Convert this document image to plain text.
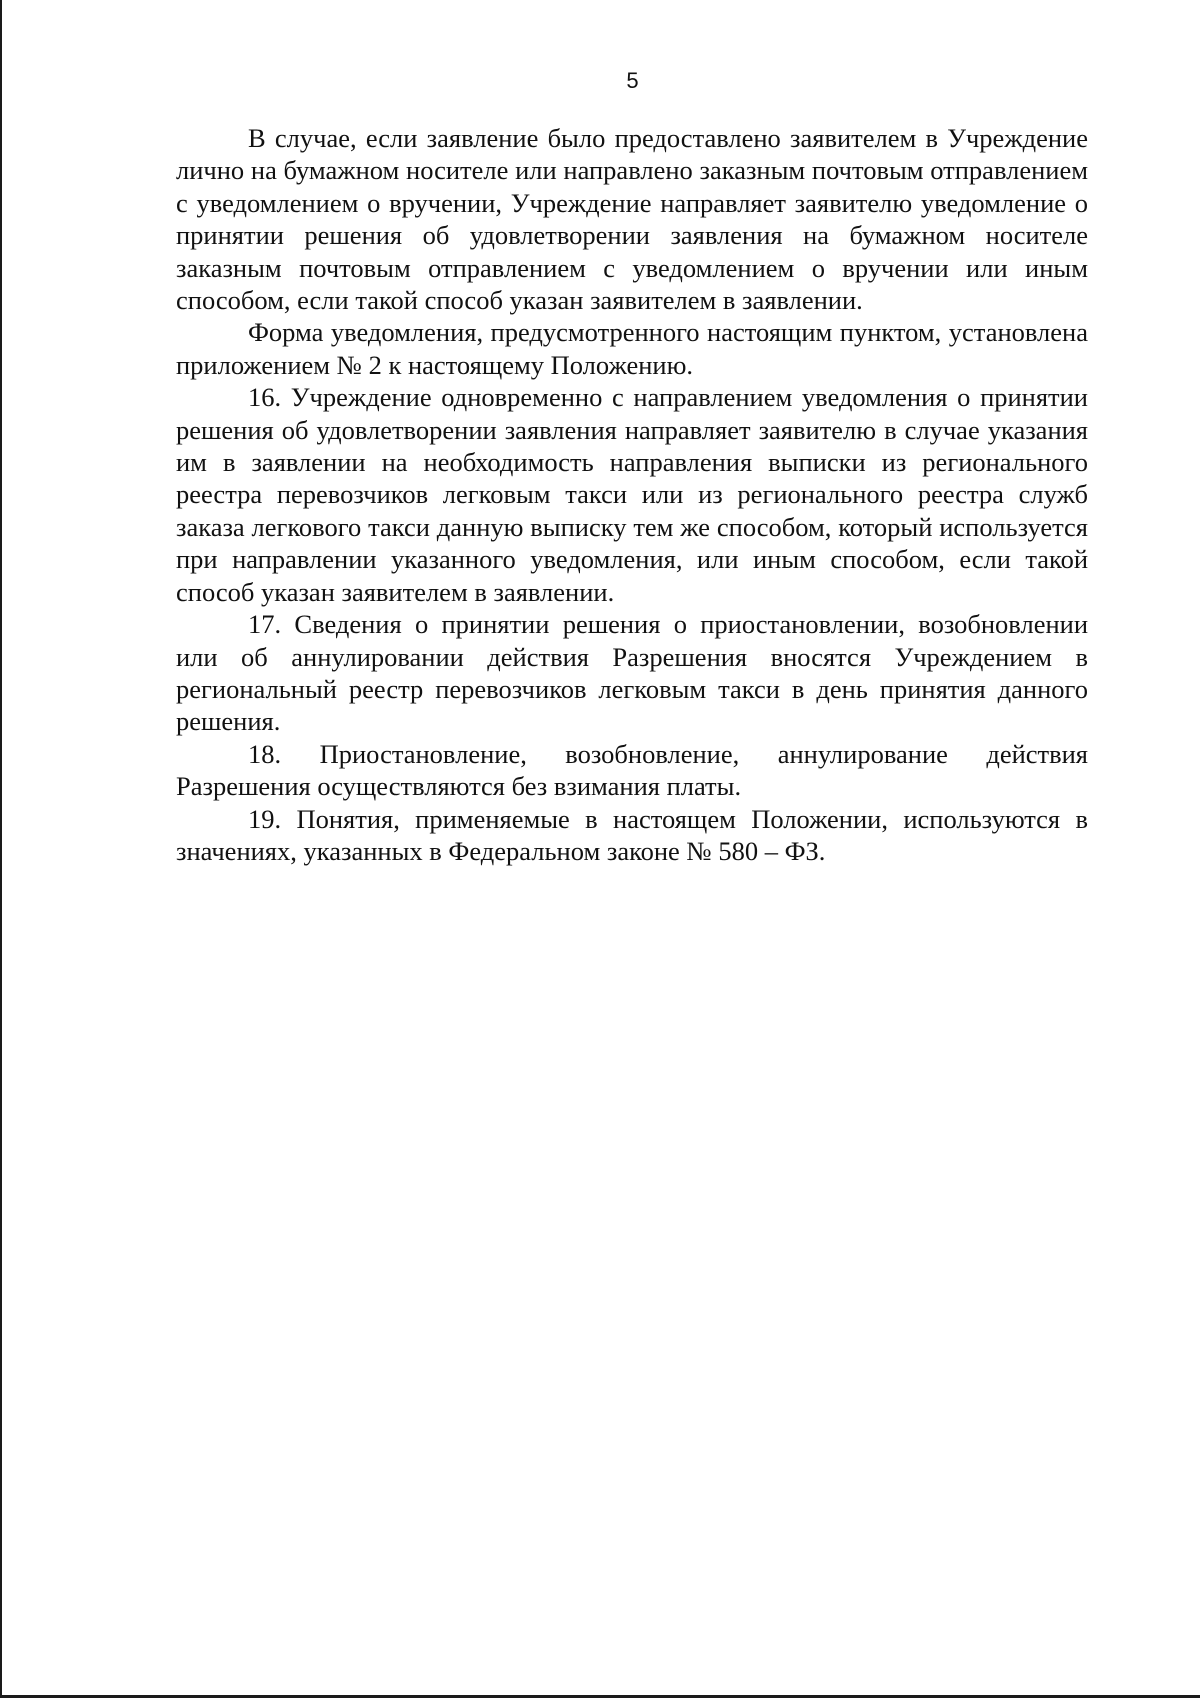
5

В случае, если заявление было предоставлено заявителем в Учреждение лично на бумажном носителе или направлено заказным почтовым отправлением с уведомлением о вручении, Учреждение направляет заявителю уведомление о принятии решения об удовлетворении заявления на бумажном носителе заказным почтовым отправлением с уведомлением о вручении или иным способом, если такой способ указан заявителем в заявлении.

Форма уведомления, предусмотренного настоящим пунктом, установлена приложением № 2 к настоящему Положению.

16. Учреждение одновременно с направлением уведомления о принятии решения об удовлетворении заявления направляет заявителю в случае указания им в заявлении на необходимость направления выписки из регионального реестра перевозчиков легковым такси или из регионального реестра служб заказа легкового такси данную выписку тем же способом, который используется при направлении указанного уведомления, или иным способом, если такой способ указан заявителем в заявлении.

17. Сведения о принятии решения о приостановлении, возобновлении или об аннулировании действия Разрешения вносятся Учреждением в региональный реестр перевозчиков легковым такси в день принятия данного решения.

18. Приостановление, возобновление, аннулирование действия Разрешения осуществляются без взимания платы.

19. Понятия, применяемые в настоящем Положении, используются в значениях, указанных в Федеральном законе № 580 – ФЗ.
